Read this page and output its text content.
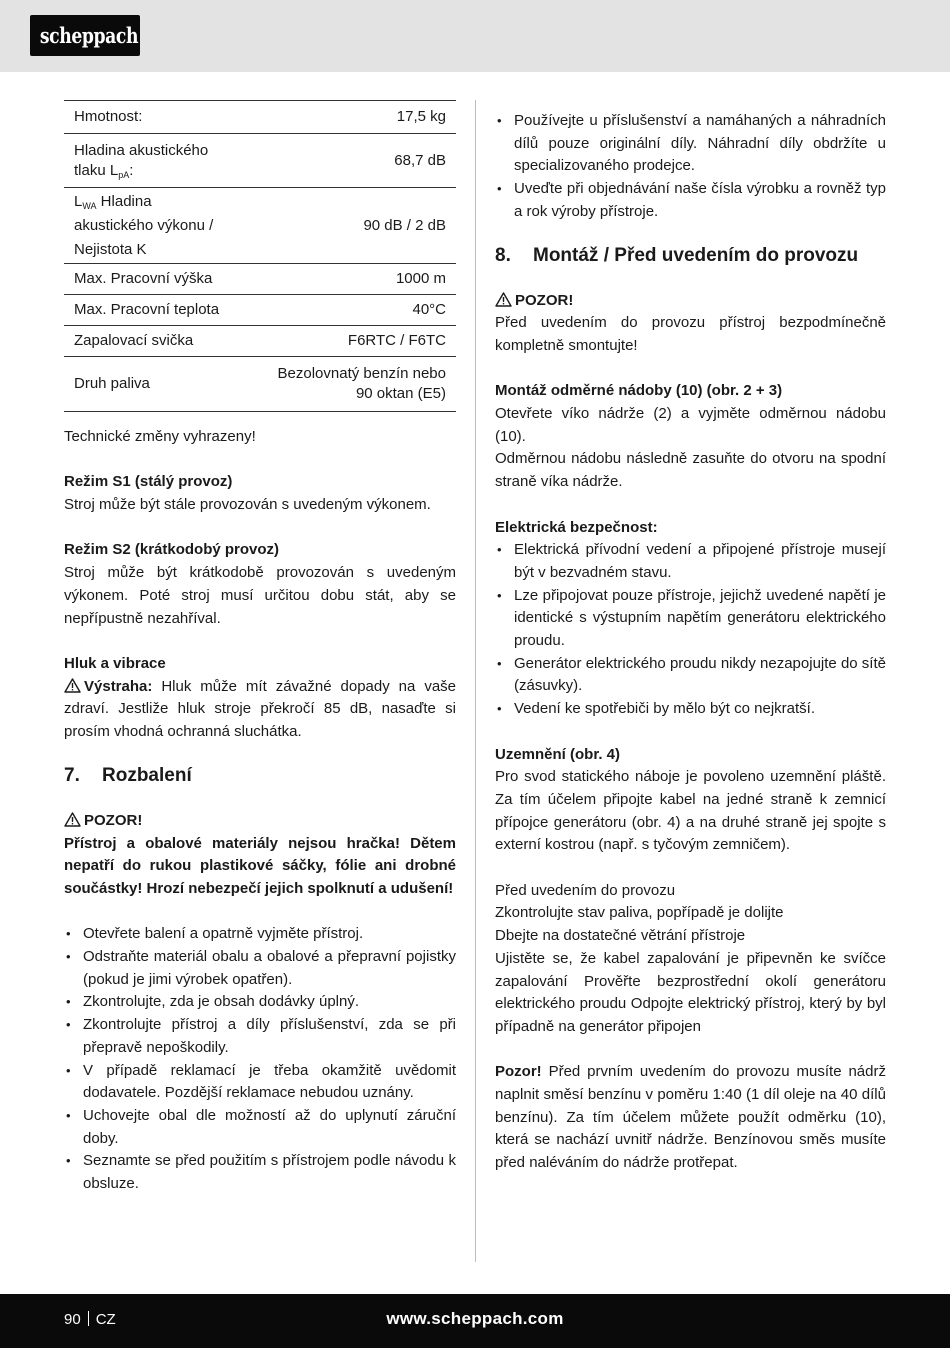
scheppach
Hmotnost:	17,5 kg
Hladina akustického
tlaku $L_{pA}$:	68,7 dB
$L_{WA}$ Hladina
akustického výkonu /
Nejistota K	90 dB / 2 dB
Max. Pracovní výška	1000 m
Max. Pracovní teplota	40°C
Zapalovací svička	F6RTC / F6TC
Druh paliva	Bezolovnatý benzín nebo
90 oktan (E5)

Technické změny vyhrazeny!

Režim S1 (stálý provoz)

Stroj může být stále provozován s uvedeným výkonem.

Režim S2 (krátkodobý provoz)

Stroj může být krátkodobě provozován s uvedeným výkonem. Poté stroj musí určitou dobu stát, aby se nepřípustně nezahříval.

Hluk a vibrace

Výstraha: Hluk může mít závažné dopady na vaše zdraví. Jestliže hluk stroje překročí 85 dB, nasaďte si prosím vhodná ochranná sluchátka.

7.	Rozbalení

POZOR!

Přístroj a obalové materiály nejsou hračka! Dětem nepatří do rukou plastikové sáčky, fólie ani drobné součástky! Hrozí nebezpečí jejich spolknutí a udušení!

• Otevřete balení a opatrně vyjměte přístroj.
• Odstraňte materiál obalu a obalové a přepravní pojistky (pokud je jimi výrobek opatřen).
• Zkontrolujte, zda je obsah dodávky úplný.
• Zkontrolujte přístroj a díly příslušenství, zda se při přepravě nepoškodily.
• V případě reklamací je třeba okamžitě uvědomit dodavatele. Pozdější reklamace nebudou uznány.
• Uchovejte obal dle možností až do uplynutí záruční doby.
• Seznamte se před použitím s přístrojem podle návodu k obsluze.
• Používejte u příslušenství a namáhaných a náhradních dílů pouze originální díly. Náhradní díly obdržíte u specializovaného prodejce.
• Uveďte při objednávání naše čísla výrobku a rovněž typ a rok výroby přístroje.
8.	Montáž / Před uvedením do provozu

POZOR!

Před uvedením do provozu přístroj bezpodmínečně kompletně smontujte!

Montáž odměrné nádoby (10) (obr. 2 + 3)

Otevřete víko nádrže (2) a vyjměte odměrnou nádobu (10).

Odměrnou nádobu následně zasuňte do otvoru na spodní straně víka nádrže.

Elektrická bezpečnost:

• Elektrická přívodní vedení a připojené přístroje musejí být v bezvadném stavu.
• Lze připojovat pouze přístroje, jejichž uvedené napětí je identické s výstupním napětím generátoru elektrického proudu.
• Generátor elektrického proudu nikdy nezapojujte do sítě (zásuvky).
• Vedení ke spotřebiči by mělo být co nejkratší.

Uzemnění (obr. 4)

Pro svod statického náboje je povoleno uzemnění pláště. Za tím účelem připojte kabel na jedné straně k zemnicí přípojce generátoru (obr. 4) a na druhé straně jej spojte s externí kostrou (např. s tyčovým zemničem).

Před uvedením do provozu

Zkontrolujte stav paliva, popřípadě je dolijte

Dbejte na dostatečné větrání přístroje

Ujistěte se, že kabel zapalování je připevněn ke svíčce zapalování Prověřte bezprostřední okolí generátoru elektrického proudu Odpojte elektrický přístroj, který by byl případně na generátor připojen

Pozor! Před prvním uvedením do provozu musíte nádrž naplnit směsí benzínu v poměru 1:40 (1 díl oleje na 40 dílů benzínu). Za tím účelem můžete použít odměrku (10), která se nachází uvnitř nádrže. Benzínovou směs musíte před naléváním do nádrže protřepat.

90 CZ	www.scheppach.com
